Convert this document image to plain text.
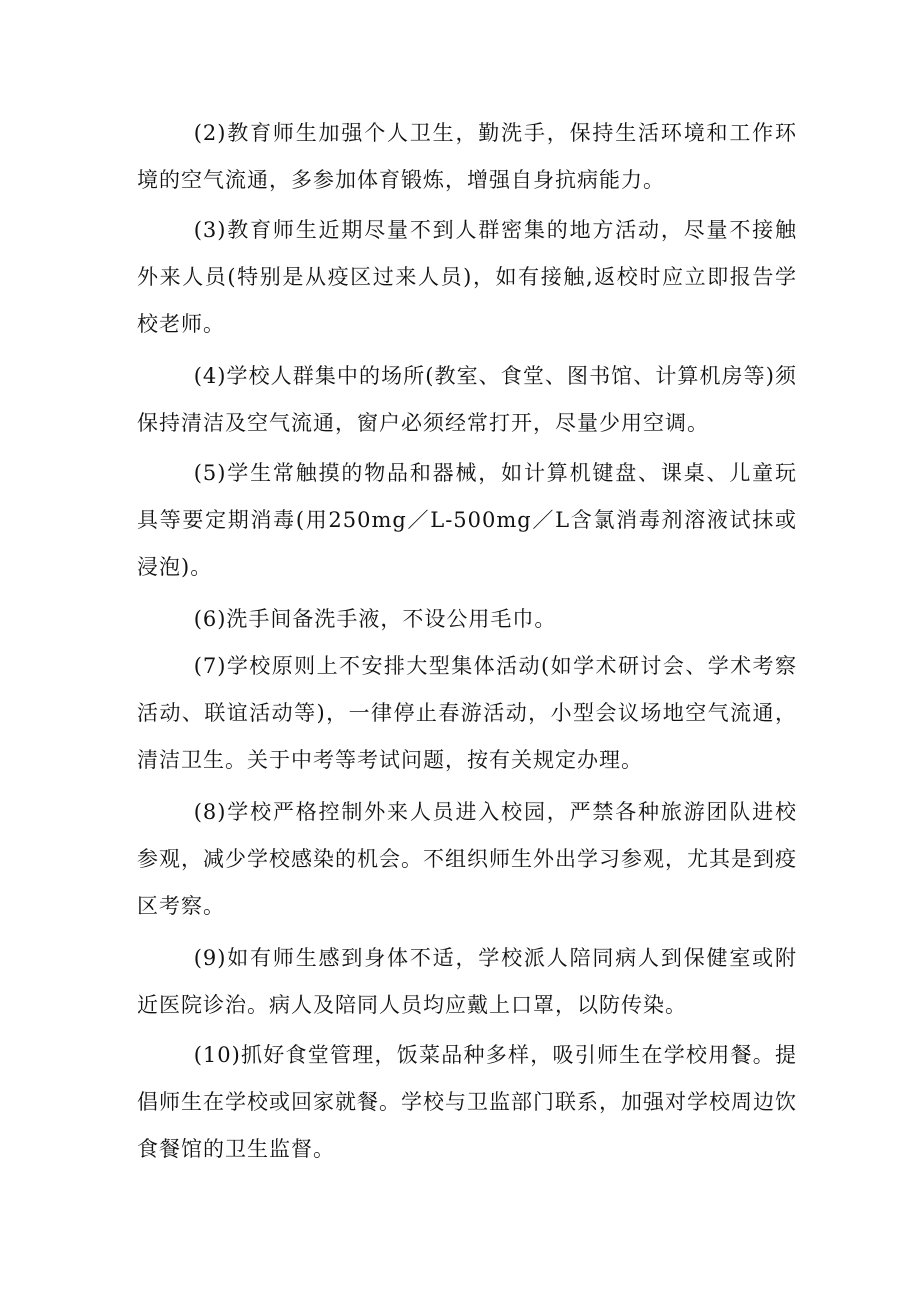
(2)教育师生加强个人卫生，勤洗手，保持生活环境和工作环境的空气流通，多参加体育锻炼，增强自身抗病能力。

(3)教育师生近期尽量不到人群密集的地方活动，尽量不接触外来人员(特别是从疫区过来人员)，如有接触,返校时应立即报告学校老师。

(4)学校人群集中的场所(教室、食堂、图书馆、计算机房等)须保持清洁及空气流通，窗户必须经常打开，尽量少用空调。

(5)学生常触摸的物品和器械，如计算机键盘、课桌、儿童玩具等要定期消毒(用250mg／L-500mg／L含氯消毒剂溶液试抹或浸泡)。

(6)洗手间备洗手液，不设公用毛巾。

(7)学校原则上不安排大型集体活动(如学术研讨会、学术考察活动、联谊活动等)，一律停止春游活动，小型会议场地空气流通，清洁卫生。关于中考等考试问题，按有关规定办理。

(8)学校严格控制外来人员进入校园，严禁各种旅游团队进校参观，减少学校感染的机会。不组织师生外出学习参观，尤其是到疫区考察。

(9)如有师生感到身体不适，学校派人陪同病人到保健室或附近医院诊治。病人及陪同人员均应戴上口罩，以防传染。

(10)抓好食堂管理，饭菜品种多样，吸引师生在学校用餐。提倡师生在学校或回家就餐。学校与卫监部门联系，加强对学校周边饮食餐馆的卫生监督。
